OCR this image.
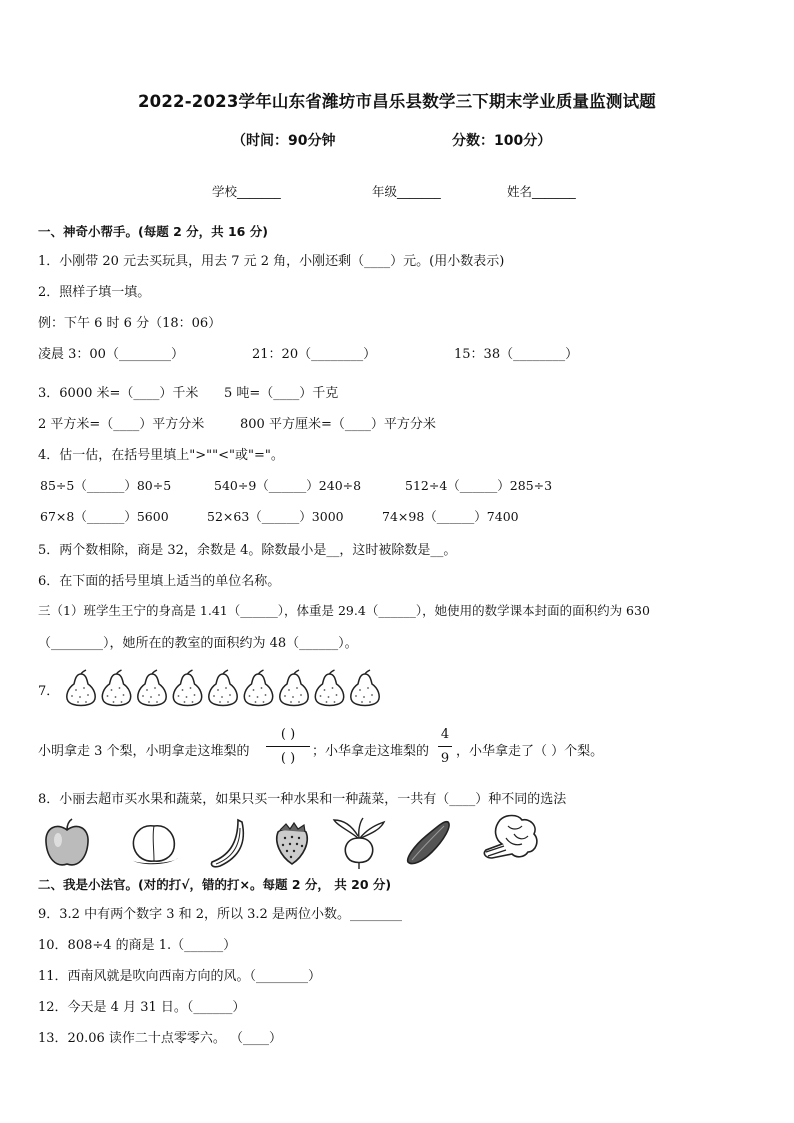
2022-2023学年山东省潍坊市昌乐县数学三下期末学业质量监测试题
（时间：90分钟	分数：100分）
学校_______	年级_______	姓名_______
一、神奇小帮手。(每题 2 分，共 16 分)
1．小刚带 20 元去买玩具，用去 7 元 2 角，小刚还剩（____）元。(用小数表示)
2．照样子填一填。
例：下午 6 时 6 分（18：06）
凌晨 3：00（________）	21：20（________）	15：38（________）
3．6000 米=（____）千米 5 吨=（____）千克
2 平方米=（____）平方分米	800 平方厘米=（____）平方分米
4．估一估，在括号里填上">""<"或"="。
85÷5（______）80÷5	540÷9（______）240÷8	512÷4（______）285÷3
67×8（______）5600	52×63（______）3000	74×98（______）7400
5．两个数相除，商是 32，余数是 4。除数最小是__，这时被除数是__。
6．在下面的括号里填上适当的单位名称。
三（1）班学生王宁的身高是 1.41（______），体重是 29.4（______），她使用的数学课本封面的面积约为 630
（________），她所在的教室的面积约为 48（______）。
7．
小明拿走 3 个梨，小明拿走这堆梨的
( )
( )	；小华拿走这堆梨的
4
9 ，小华拿走了（ ）个梨。
8．小丽去超市买水果和蔬菜，如果只买一种水果和一种蔬菜，一共有（____）种不同的选法
二、我是小法官。(对的打√，错的打×。每题 2 分， 共 20 分)
9．3.2 中有两个数字 3 和 2，所以 3.2 是两位小数。________
10．808÷4 的商是 1.（______）
11．西南风就是吹向西南方向的风。（________）
12．今天是 4 月 31 日。（______）
13．20.06 读作二十点零零六。 （____）
